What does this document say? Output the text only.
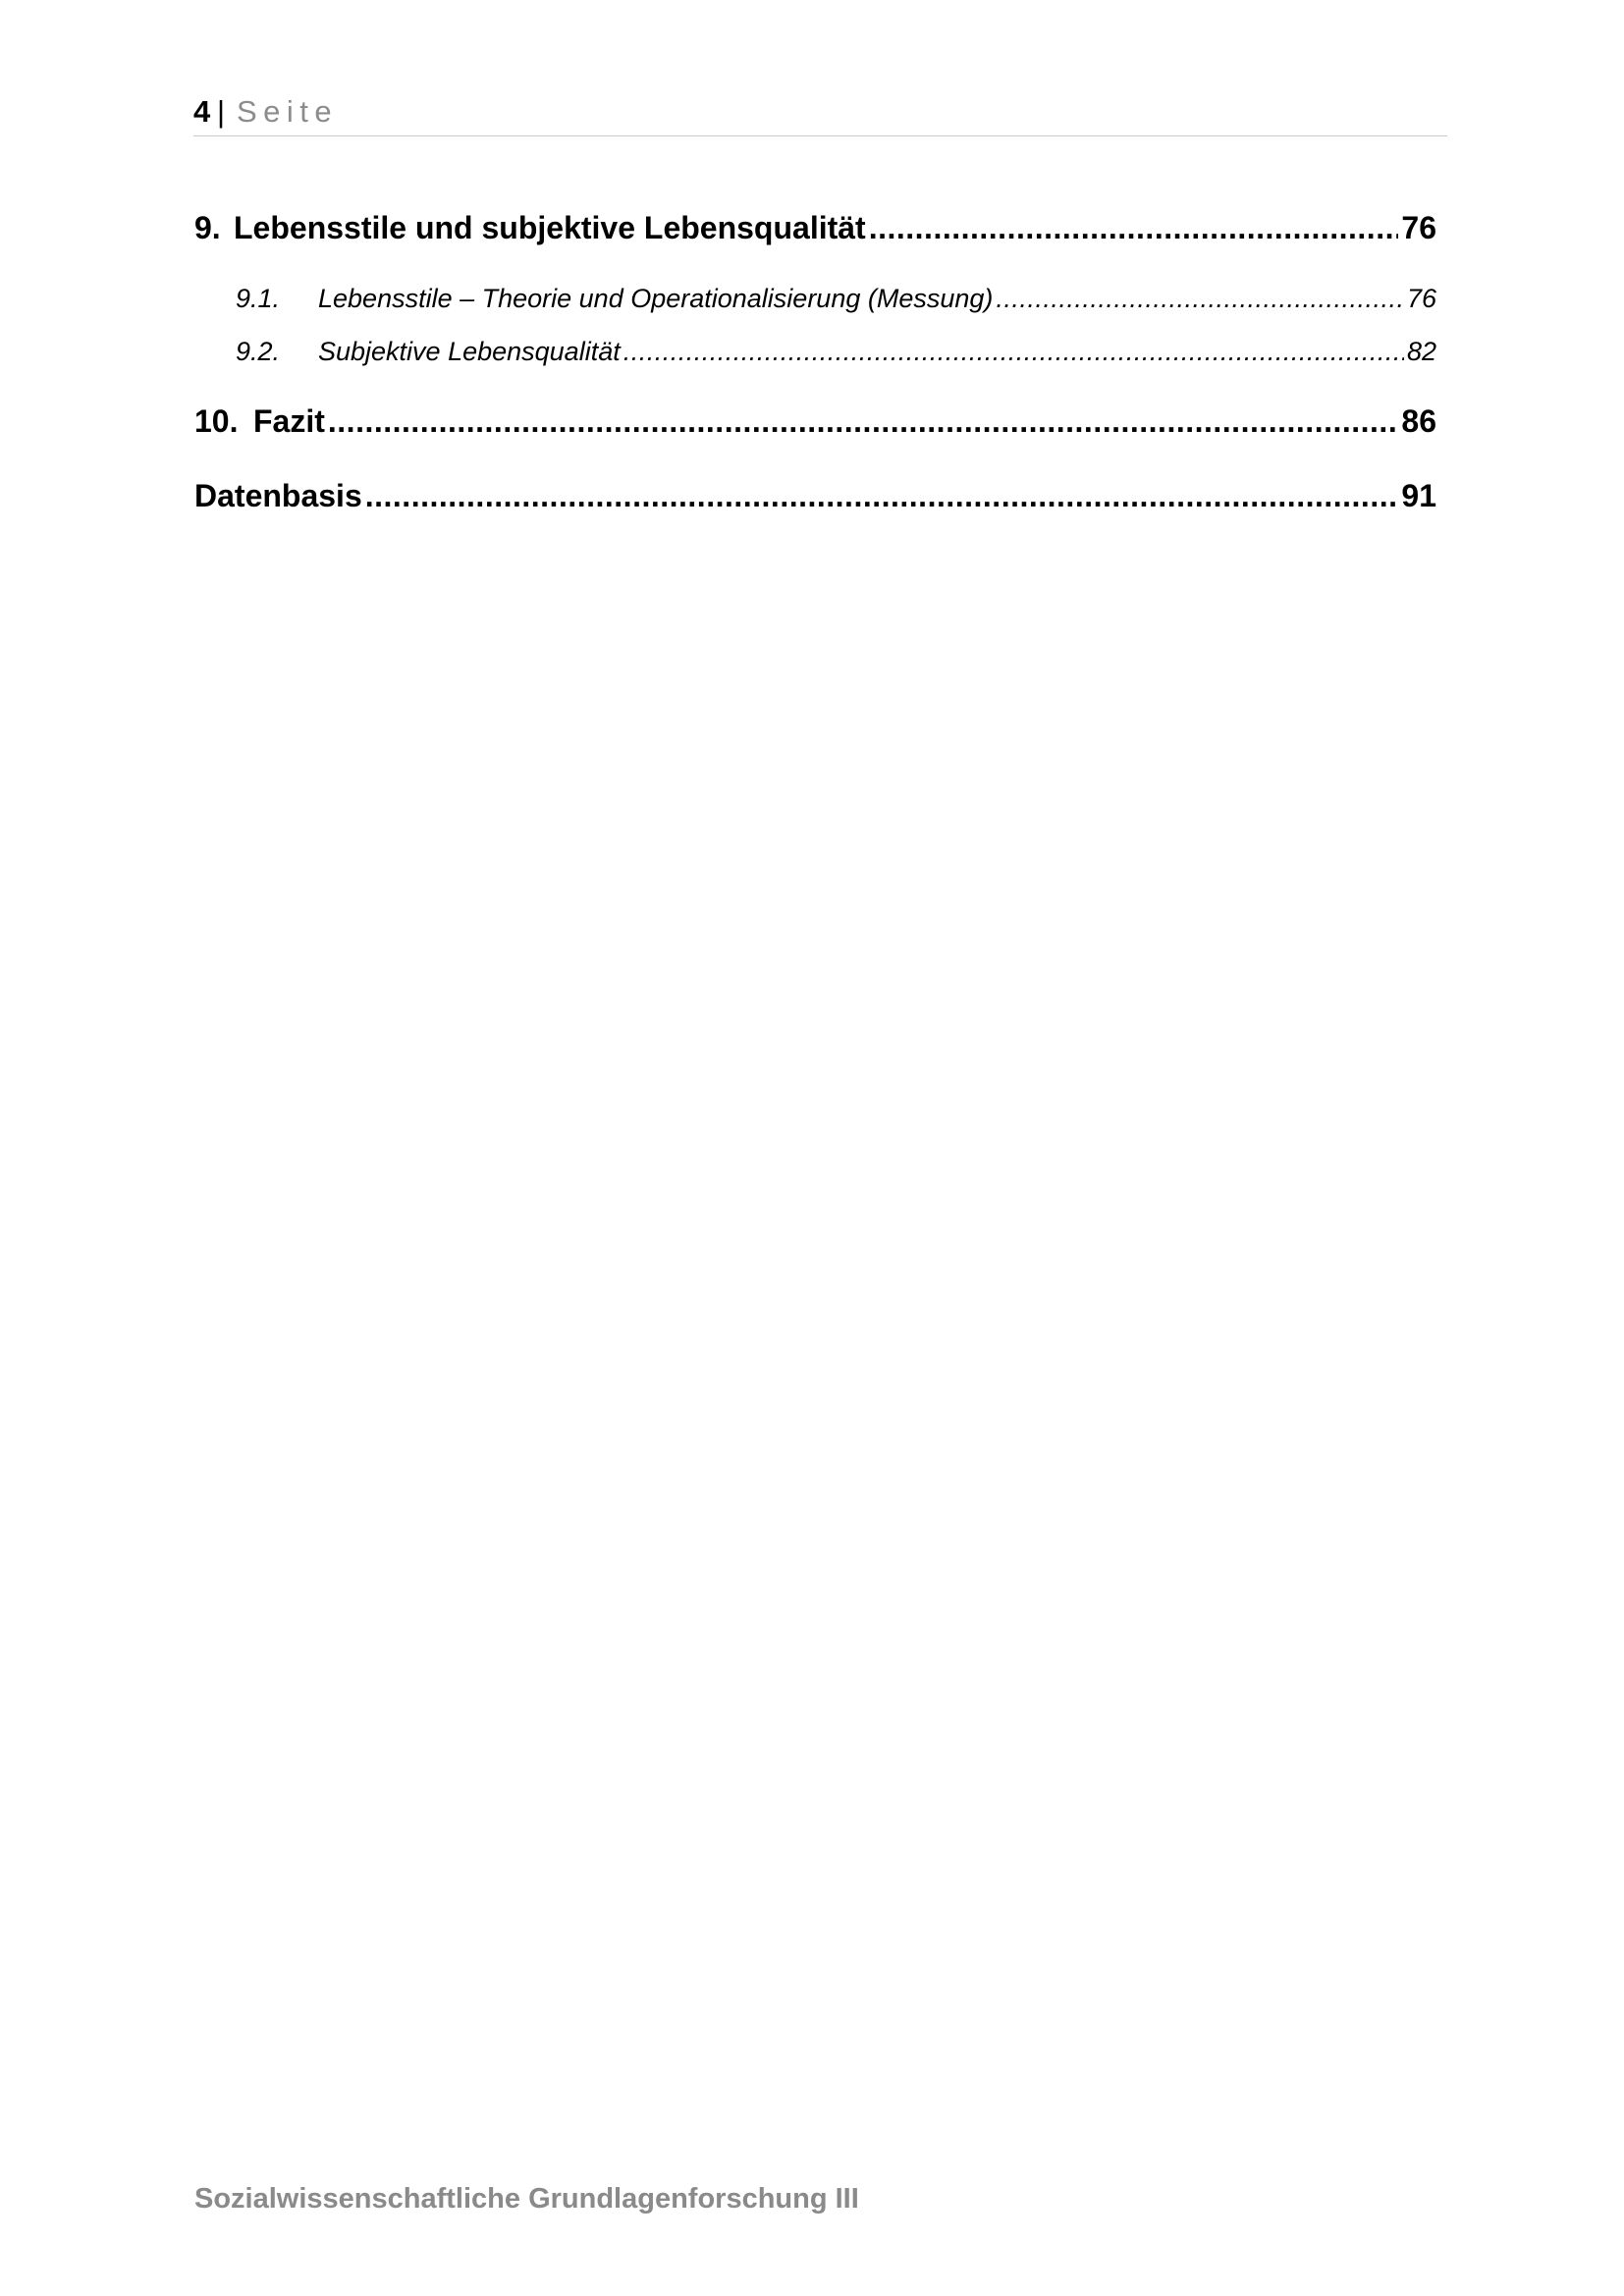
4 | Seite
9. Lebensstile und subjektive Lebensqualität .....	76
9.1.	Lebensstile – Theorie und Operationalisierung (Messung) .....	76
9.2.	Subjektive Lebensqualität .....	82
10. Fazit .....	86
Datenbasis .....	91
Sozialwissenschaftliche Grundlagenforschung III
